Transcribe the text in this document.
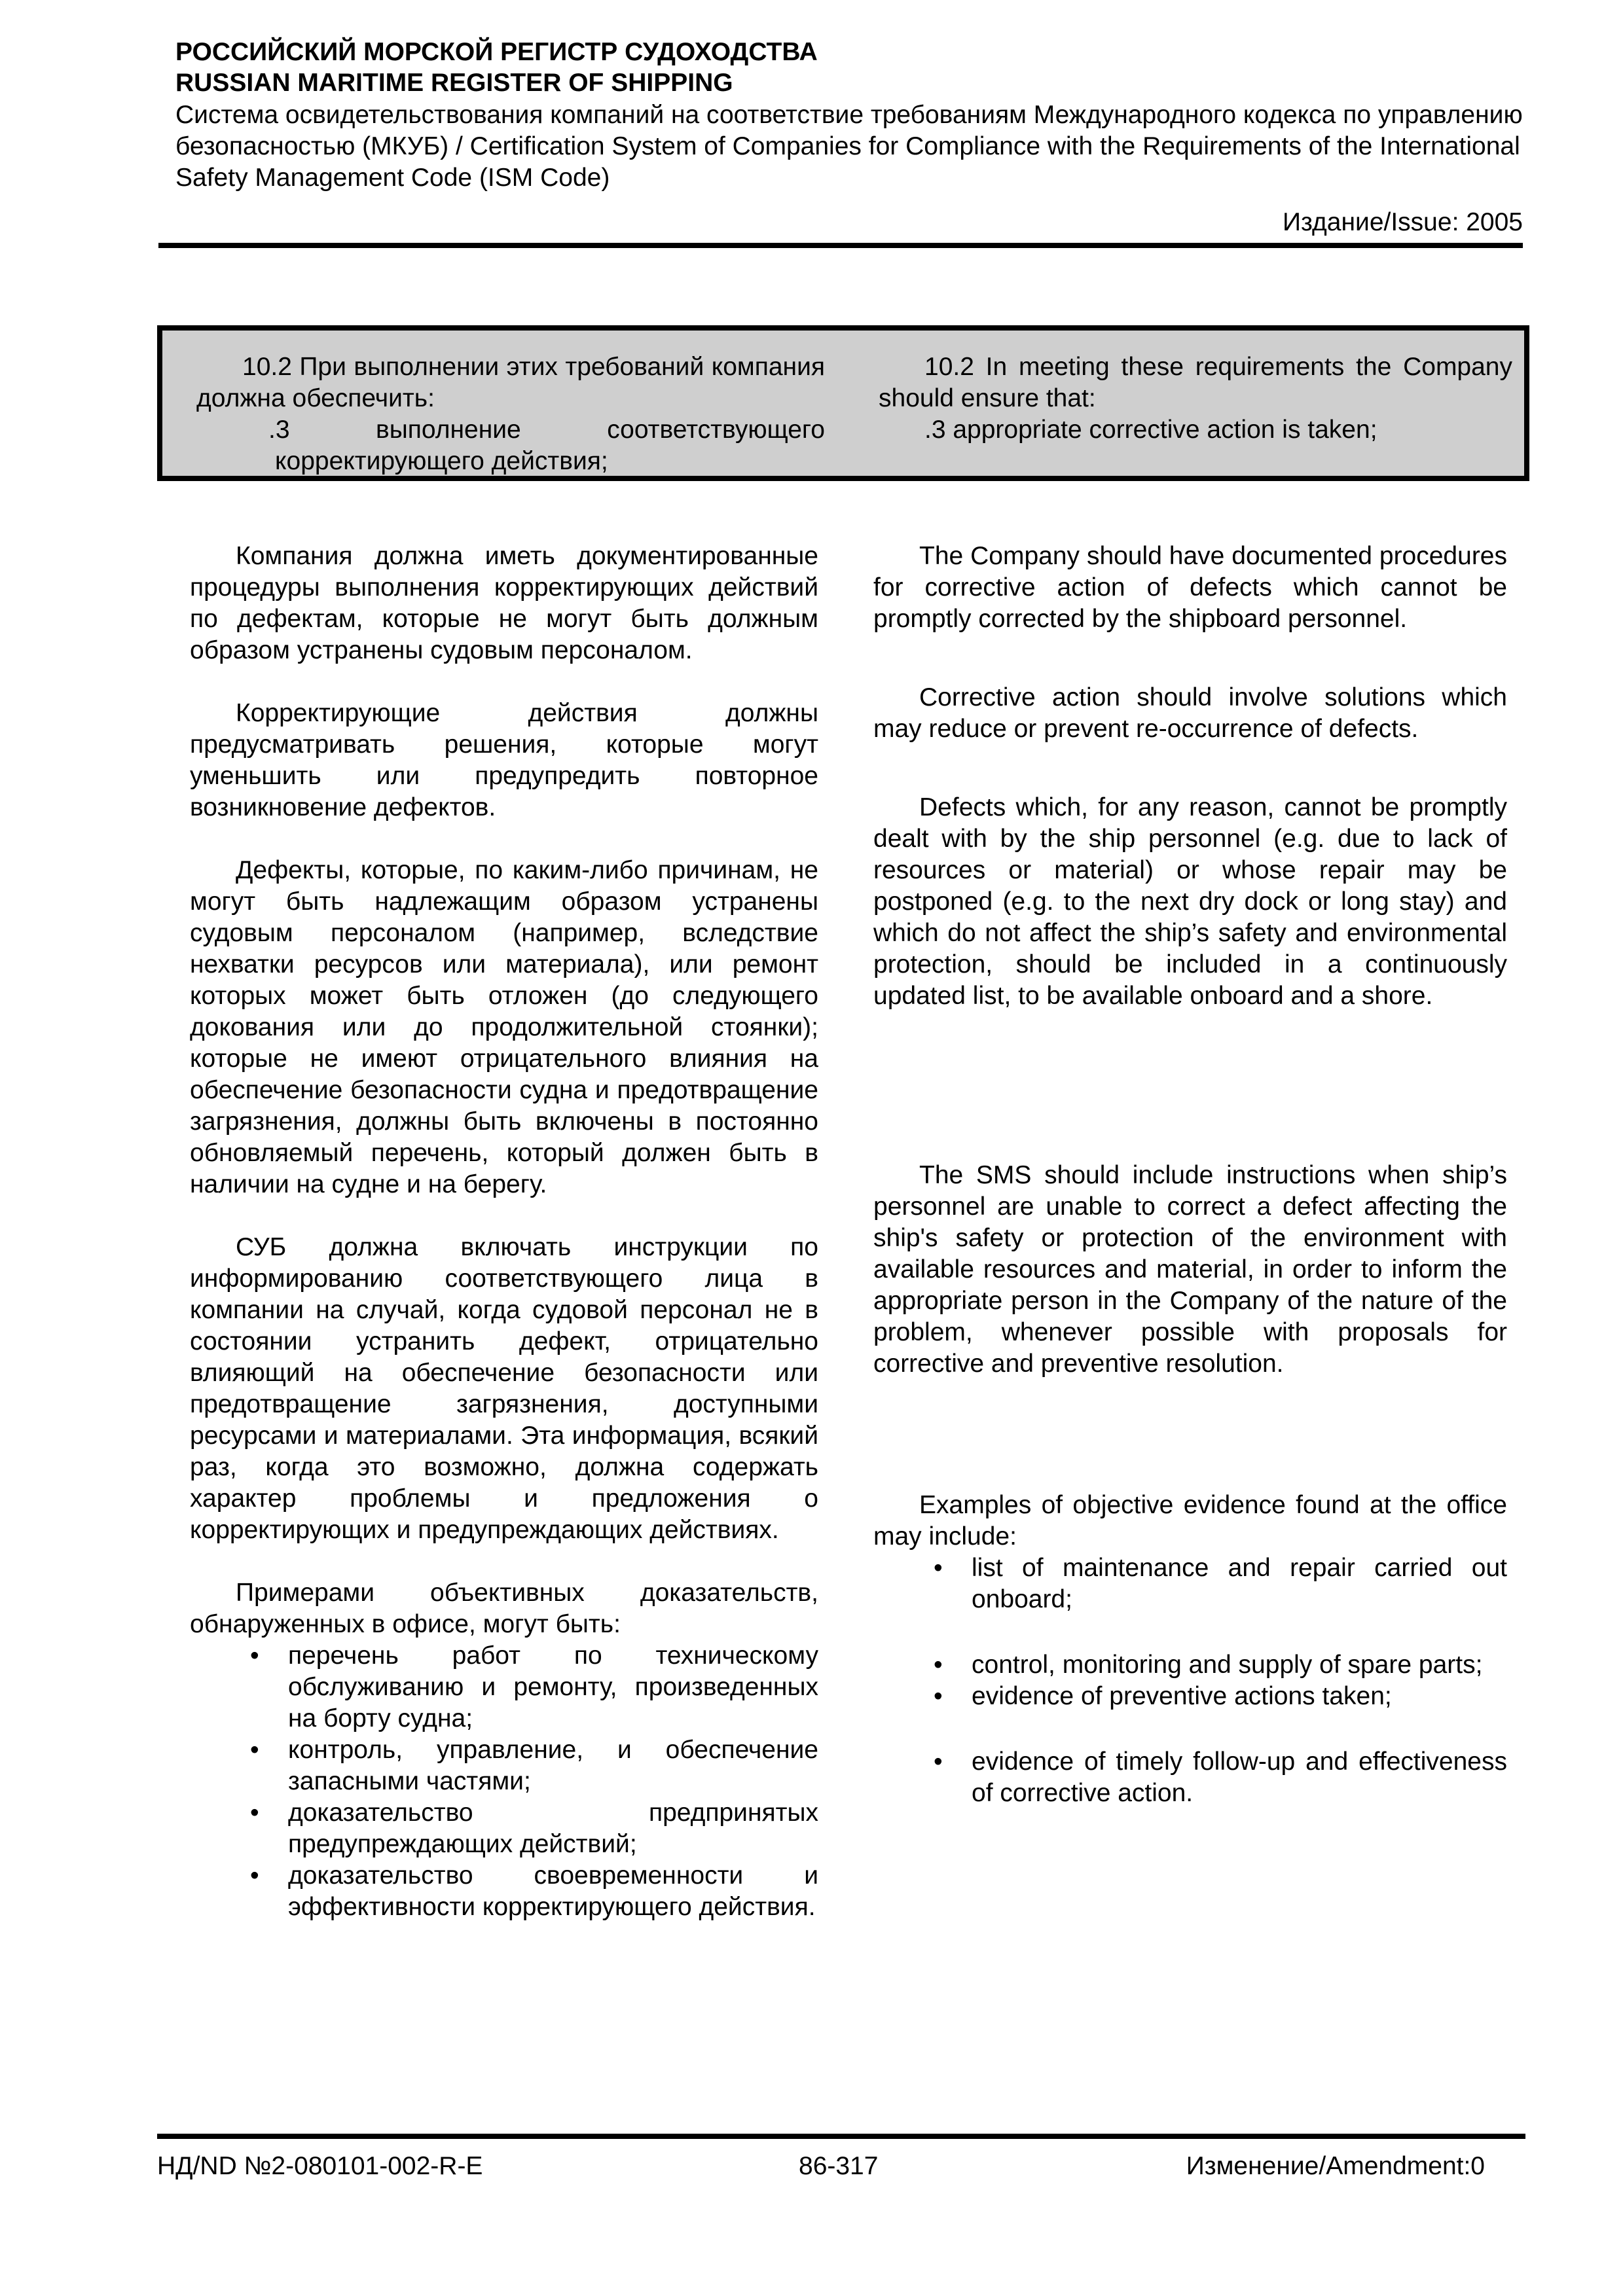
РОССИЙСКИЙ МОРСКОЙ РЕГИСТР СУДОХОДСТВА
RUSSIAN MARITIME REGISTER OF SHIPPING
Система освидетельствования компаний на соответствие требованиям Международного кодекса по управлению безопасностью (МКУБ) / Certification System of Companies for Compliance with the Requirements of the International Safety Management Code (ISM Code)
Издание/Issue: 2005
10.2 При выполнении этих требований компания должна обеспечить:
.3 выполнение соответствующего корректирующего действия;
10.2 In meeting these requirements the Company should ensure that:
.3 appropriate corrective action is taken;

Компания должна иметь документированные процедуры выполнения корректирующих действий по дефектам, которые не могут быть должным образом устранены судовым персоналом.

Корректирующие действия должны предусматривать решения, которые могут уменьшить или предупредить повторное возникновение дефектов.

Дефекты, которые, по каким-либо причинам, не могут быть надлежащим образом устранены судовым персоналом (например, вследствие нехватки ресурсов или материала), или ремонт которых может быть отложен (до следующего докования или до продолжительной стоянки); которые не имеют отрицательного влияния на обеспечение безопасности судна и предотвращение загрязнения, должны быть включены в постоянно обновляемый перечень, который должен быть в наличии на судне и на берегу.

СУБ должна включать инструкции по информированию соответствующего лица в компании на случай, когда судовой персонал не в состоянии устранить дефект, отрицательно влияющий на обеспечение безопасности или предотвращение загрязнения, доступными ресурсами и материалами. Эта информация, всякий раз, когда это возможно, должна содержать характер проблемы и предложения о корректирующих и предупреждающих действиях.

Примерами объективных доказательств, обнаруженных в офисе, могут быть:

• перечень работ по техническому обслуживанию и ремонту, произведенных на борту судна;
• контроль, управление, и обеспечение запасными частями;
• доказательство предпринятых предупреждающих действий;
• доказательство своевременности и эффективности корректирующего действия.

The Company should have documented procedures for corrective action of defects which cannot be promptly corrected by the shipboard personnel.

Corrective action should involve solutions which may reduce or prevent re-occurrence of defects.

Defects which, for any reason, cannot be promptly dealt with by the ship personnel (e.g. due to lack of resources or material) or whose repair may be postponed (e.g. to the next dry dock or long stay) and which do not affect the ship’s safety and environmental protection, should be included in a continuously updated list, to be available onboard and a shore.

The SMS should include instructions when ship’s personnel are unable to correct a defect affecting the ship's safety or protection of the environment with available resources and material, in order to inform the appropriate person in the Company of the nature of the problem, whenever possible with proposals for corrective and preventive resolution.

Examples of objective evidence found at the office may include:

• list of maintenance and repair carried out onboard;
• control, monitoring and supply of spare parts;
• evidence of preventive actions taken;
• evidence of timely follow-up and effectiveness of corrective action.
НД/ND №2-080101-002-R-E	86-317	Изменение/Amendment:0
